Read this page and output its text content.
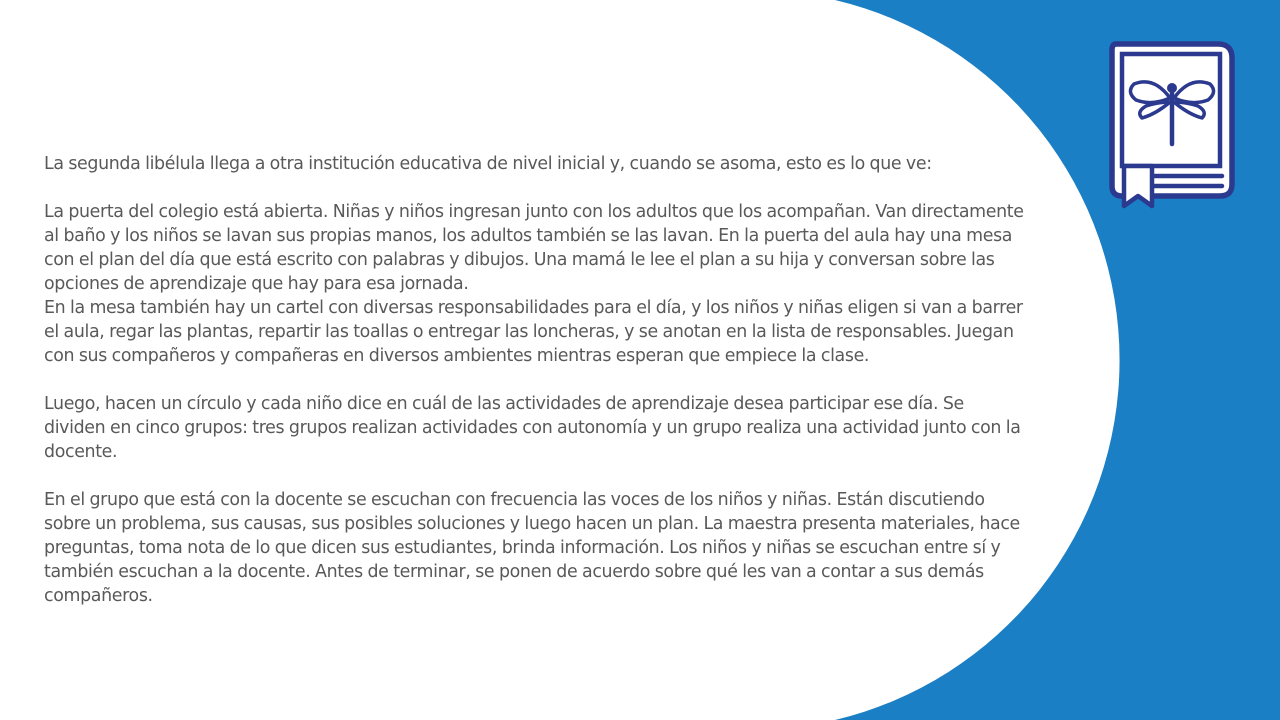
La segunda libélula llega a otra institución educativa de nivel inicial y, cuando se asoma, esto es lo que ve:

La puerta del colegio está abierta. Niñas y niños ingresan junto con los adultos que los acompañan. Van directamente al baño y los niños se lavan sus propias manos, los adultos también se las lavan. En la puerta del aula hay una mesa con el plan del día que está escrito con palabras y dibujos. Una mamá le lee el plan a su hija y conversan sobre las opciones de aprendizaje que hay para esa jornada.

En la mesa también hay un cartel con diversas responsabilidades para el día, y los niños y niñas eligen si van a barrer el aula, regar las plantas, repartir las toallas o entregar las loncheras, y se anotan en la lista de responsables. Juegan con sus compañeros y compañeras en diversos ambientes mientras esperan que empiece la clase.

Luego, hacen un círculo y cada niño dice en cuál de las actividades de aprendizaje desea participar ese día. Se dividen en cinco grupos: tres grupos realizan actividades con autonomía y un grupo realiza una actividad junto con la docente.

En el grupo que está con la docente se escuchan con frecuencia las voces de los niños y niñas. Están discutiendo sobre un problema, sus causas, sus posibles soluciones y luego hacen un plan. La maestra presenta materiales, hace preguntas, toma nota de lo que dicen sus estudiantes, brinda información. Los niños y niñas se escuchan entre sí y también escuchan a la docente. Antes de terminar, se ponen de acuerdo sobre qué les van a contar a sus demás compañeros.
